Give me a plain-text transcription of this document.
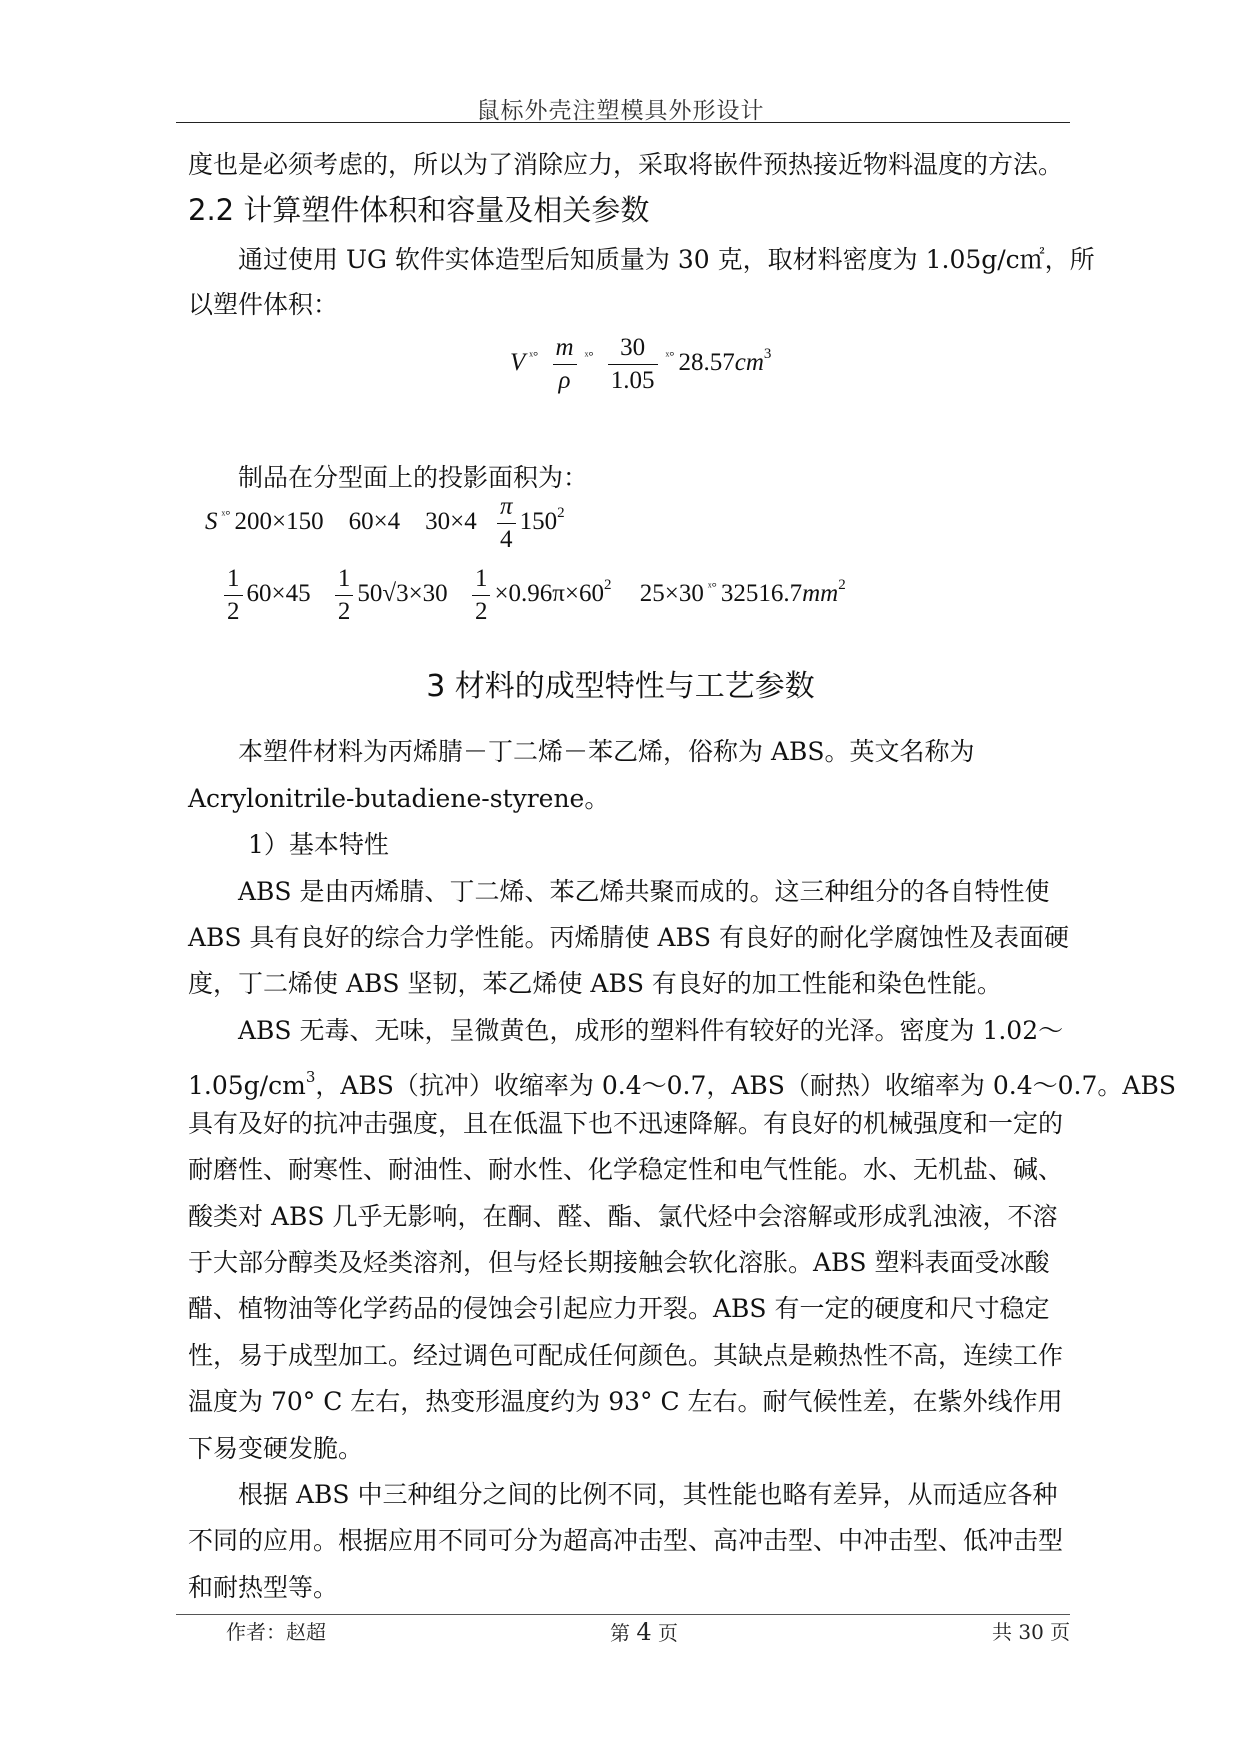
鼠标外壳注塑模具外形设计
度也是必须考虑的，所以为了消除应力，采取将嵌件预热接近物料温度的方法。
2.2 计算塑件体积和容量及相关参数
通过使用 UG 软件实体造型后知质量为 30 克，取材料密度为 1.05g/c㎡，所
以塑件体积：
V $^{ˣ^\circ} \frac{m}{\rho} ^{ˣ^\circ} \frac{30}{1.05} ^{ˣ^\circ}$ $28.57cm^3$
制品在分型面上的投影面积为：
S $^{ˣ^\circ}$ 200×150    60×4    $30\times 4 \frac{\pi}{4} 150^2$
$\frac{1}{2} 60\times 45 \frac{1}{2} 50√3\times 30 \frac{1}{2} \times 0.96\pi\times 60^2$ 25×30 $^{ˣ^\circ}$ $32516.7mm^2$
3 材料的成型特性与工艺参数
本塑件材料为丙烯腈－丁二烯－苯乙烯，俗称为 ABS。英文名称为
Acrylonitrile-butadiene-styrene。
1）基本特性
ABS 是由丙烯腈、丁二烯、苯乙烯共聚而成的。这三种组分的各自特性使
ABS 具有良好的综合力学性能。丙烯腈使 ABS 有良好的耐化学腐蚀性及表面硬
度，丁二烯使 ABS 坚韧，苯乙烯使 ABS 有良好的加工性能和染色性能。
ABS 无毒、无味，呈微黄色，成形的塑料件有较好的光泽。密度为 1.02～
$1.05g/cm^3$，ABS（抗冲）收缩率为 0.4～0.7，ABS（耐热）收缩率为 0.4～0.7。ABS
具有及好的抗冲击强度，且在低温下也不迅速降解。有良好的机械强度和一定的
耐磨性、耐寒性、耐油性、耐水性、化学稳定性和电气性能。水、无机盐、碱、
酸类对 ABS 几乎无影响，在酮、醛、酯、氯代烃中会溶解或形成乳浊液，不溶
于大部分醇类及烃类溶剂，但与烃长期接触会软化溶胀。ABS 塑料表面受冰酸
醋、植物油等化学药品的侵蚀会引起应力开裂。ABS 有一定的硬度和尺寸稳定
性，易于成型加工。经过调色可配成任何颜色。其缺点是赖热性不高，连续工作
温度为 70° C 左右，热变形温度约为 93° C 左右。耐气候性差，在紫外线作用
下易变硬发脆。
根据 ABS 中三种组分之间的比例不同，其性能也略有差异，从而适应各种
不同的应用。根据应用不同可分为超高冲击型、高冲击型、中冲击型、低冲击型
和耐热型等。
作者：赵超	第 4 页	共 30 页
